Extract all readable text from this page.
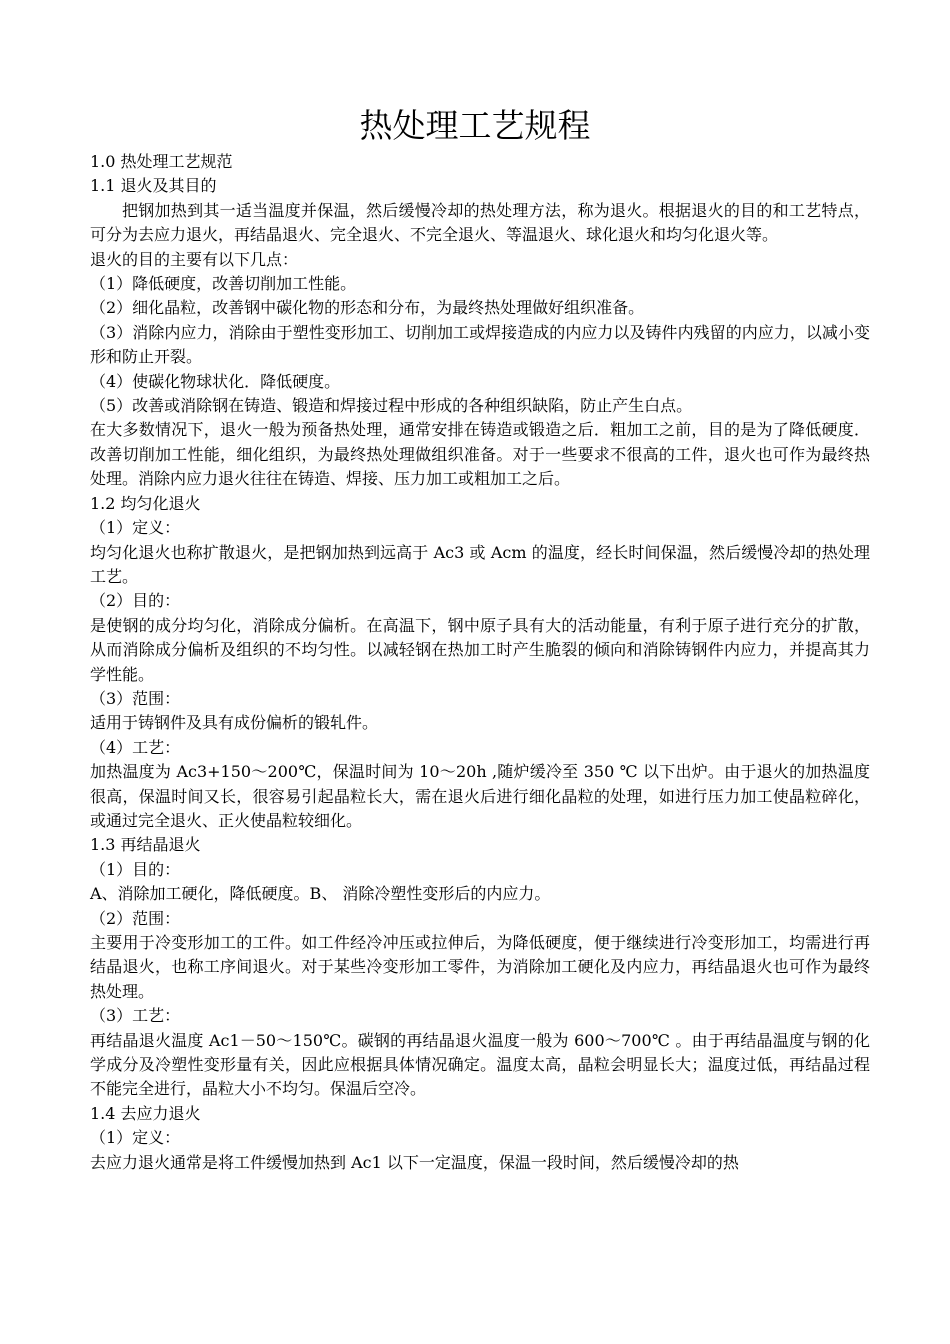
热处理工艺规程

1.0 热处理工艺规范

1.1 退火及其目的

把钢加热到其一适当温度并保温，然后缓慢冷却的热处理方法，称为退火。根据退火的目的和工艺特点，可分为去应力退火，再结晶退火、完全退火、不完全退火、等温退火、球化退火和均匀化退火等。

退火的目的主要有以下几点：

（1）降低硬度，改善切削加工性能。

（2）细化晶粒，改善钢中碳化物的形态和分布，为最终热处理做好组织准备。

（3）消除内应力，消除由于塑性变形加工、切削加工或焊接造成的内应力以及铸件内残留的内应力，以减小变形和防止开裂。

（4）使碳化物球状化．降低硬度。

（5）改善或消除钢在铸造、锻造和焊接过程中形成的各种组织缺陷，防止产生白点。

在大多数情况下，退火一般为预备热处理，通常安排在铸造或锻造之后．粗加工之前，目的是为了降低硬度．改善切削加工性能，细化组织，为最终热处理做组织准备。对于一些要求不很高的工件，退火也可作为最终热处理。消除内应力退火往往在铸造、焊接、压力加工或粗加工之后。

1.2 均匀化退火

（1）定义：

均匀化退火也称扩散退火，是把钢加热到远高于 Ac3 或 Acm 的温度，经长时间保温，然后缓慢冷却的热处理工艺。

（2）目的：

是使钢的成分均匀化，消除成分偏析。在高温下，钢中原子具有大的活动能量，有利于原子进行充分的扩散，从而消除成分偏析及组织的不均匀性。以减轻钢在热加工时产生脆裂的倾向和消除铸钢件内应力，并提高其力学性能。

（3）范围：

适用于铸钢件及具有成份偏析的锻轧件。

（4）工艺：

加热温度为 Ac3+150～200℃，保温时间为 10～20h ,随炉缓冷至 350 ℃ 以下出炉。由于退火的加热温度很高，保温时间又长，很容易引起晶粒长大，需在退火后进行细化晶粒的处理，如进行压力加工使晶粒碎化，或通过完全退火、正火使晶粒较细化。

1.3 再结晶退火

（1）目的：

A、消除加工硬化，降低硬度。B、 消除冷塑性变形后的内应力。

（2）范围：

主要用于冷变形加工的工件。如工件经冷冲压或拉伸后，为降低硬度，便于继续进行冷变形加工，均需进行再结晶退火，也称工序间退火。对于某些冷变形加工零件，为消除加工硬化及内应力，再结晶退火也可作为最终热处理。

（3）工艺：

再结晶退火温度 Ac1－50～150℃。碳钢的再结晶退火温度一般为 600～700℃ 。由于再结晶温度与钢的化学成分及冷塑性变形量有关，因此应根据具体情况确定。温度太高，晶粒会明显长大；温度过低，再结晶过程不能完全进行，晶粒大小不均匀。保温后空冷。

1.4 去应力退火

（1）定义：

去应力退火通常是将工件缓慢加热到 Ac1 以下一定温度，保温一段时间，然后缓慢冷却的热
